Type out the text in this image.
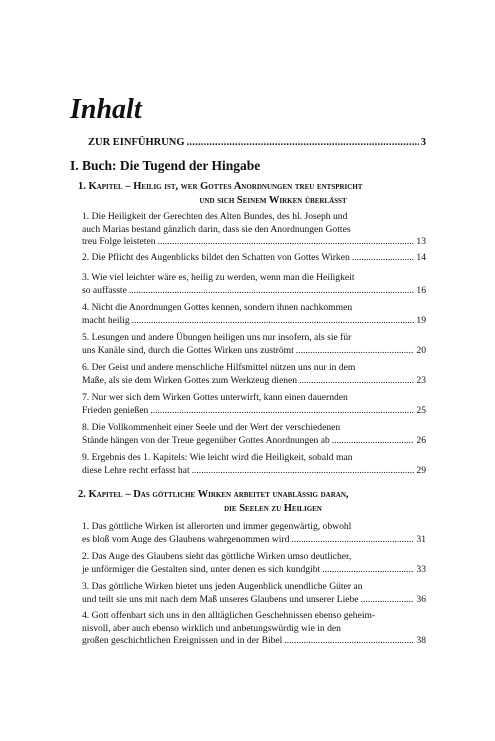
Inhalt
ZUR EINFÜHRUNG . . .	3
I. Buch: Die Tugend der Hingabe
1. Kapitel – Heilig ist, wer Gottes Anordnungen treu entspricht
und sich Seinem Wirken überlässt
1. Die Heiligkeit der Gerechten des Alten Bundes, des hl. Joseph und
auch Marias bestand gänzlich darin, dass sie den Anordnungen Gottes
treu Folge leisteten . . .	13
2. Die Pflicht des Augenblicks bildet den Schatten von Gottes Wirken . . .	14
3. Wie viel leichter wäre es, heilig zu werden, wenn man die Heiligkeit
so auffasste . . .	16
4. Nicht die Anordnungen Gottes kennen, sondern ihnen nachkommen
macht heilig . . .	19
5. Lesungen und andere Übungen heiligen uns nur insofern, als sie für
uns Kanäle sind, durch die Gottes Wirken uns zuströmt . . .	20
6. Der Geist und andere menschliche Hilfsmittel nützen uns nur in dem
Maße, als sie dem Wirken Gottes zum Werkzeug dienen . . .	23
7. Nur wer sich dem Wirken Gottes unterwirft, kann einen dauernden
Frieden genießen . . .	25
8. Die Vollkommenheit einer Seele und der Wert der verschiedenen
Stände hängen von der Treue gegenüber Gottes Anordnungen ab . . .	26
9. Ergebnis des 1. Kapitels: Wie leicht wird die Heiligkeit, sobald man
diese Lehre recht erfasst hat . . .	29
2. Kapitel – Das göttliche Wirken arbeitet unablässig daran,
die Seelen zu Heiligen
1. Das göttliche Wirken ist allerorten und immer gegenwärtig, obwohl
es bloß vom Auge des Glaubens wahrgenommen wird . . .	31
2. Das Auge des Glaubens sieht das göttliche Wirken umso deutlicher,
je unförmiger die Gestalten sind, unter denen es sich kundgibt . . .	33
3. Das göttliche Wirken bietet uns jeden Augenblick unendliche Güter an
und teilt sie uns mit nach dem Maß unseres Glaubens und unserer Liebe . . .	36
4. Gott offenbart sich uns in den alltäglichen Geschehnissen ebenso geheim-
nisvoll, aber auch ebenso wirklich und anbetungswürdig wie in den
großen geschichtlichen Ereignissen und in der Bibel . . .	38
